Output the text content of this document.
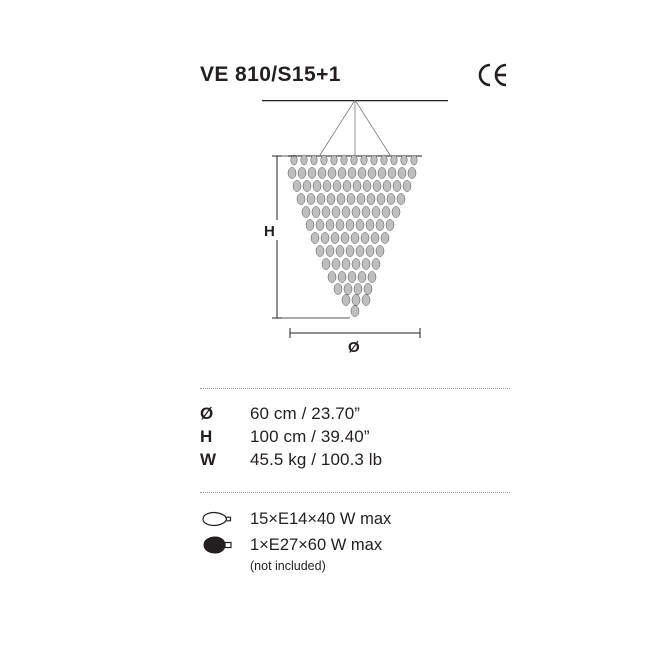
VE 810/S15+1
H
Ø
Ø	60 cm / 23.70”
H	100 cm / 39.40”
W	45.5 kg / 100.3 lb
15×E14×40 W max
1×E27×60 W max
(not included)
